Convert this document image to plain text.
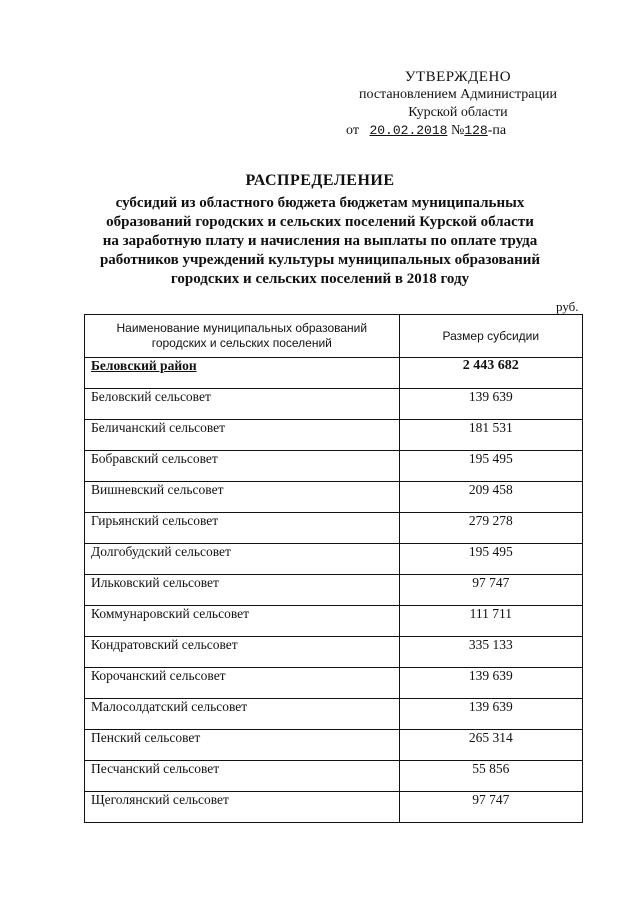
УТВЕРЖДЕНО
постановлением Администрации
Курской области
от 20.02.2018 №128-па
РАСПРЕДЕЛЕНИЕ
субсидий из областного бюджета бюджетам муниципальных
образований городских и сельских поселений Курской области
на заработную плату и начисления на выплаты по оплате труда
работников учреждений культуры муниципальных образований
городских и сельских поселений в 2018 году
руб.
Наименование муниципальных образований городских и сельских поселений	Размер субсидии
Беловский район	2 443 682
Беловский сельсовет	139 639
Беличанский сельсовет	181 531
Бобравский сельсовет	195 495
Вишневский сельсовет	209 458
Гирьянский сельсовет	279 278
Долгобудский сельсовет	195 495
Ильковский сельсовет	97 747
Коммунаровский сельсовет	111 711
Кондратовский сельсовет	335 133
Корочанский сельсовет	139 639
Малосолдатский сельсовет	139 639
Пенский сельсовет	265 314
Песчанский сельсовет	55 856
Щеголянский сельсовет	97 747
